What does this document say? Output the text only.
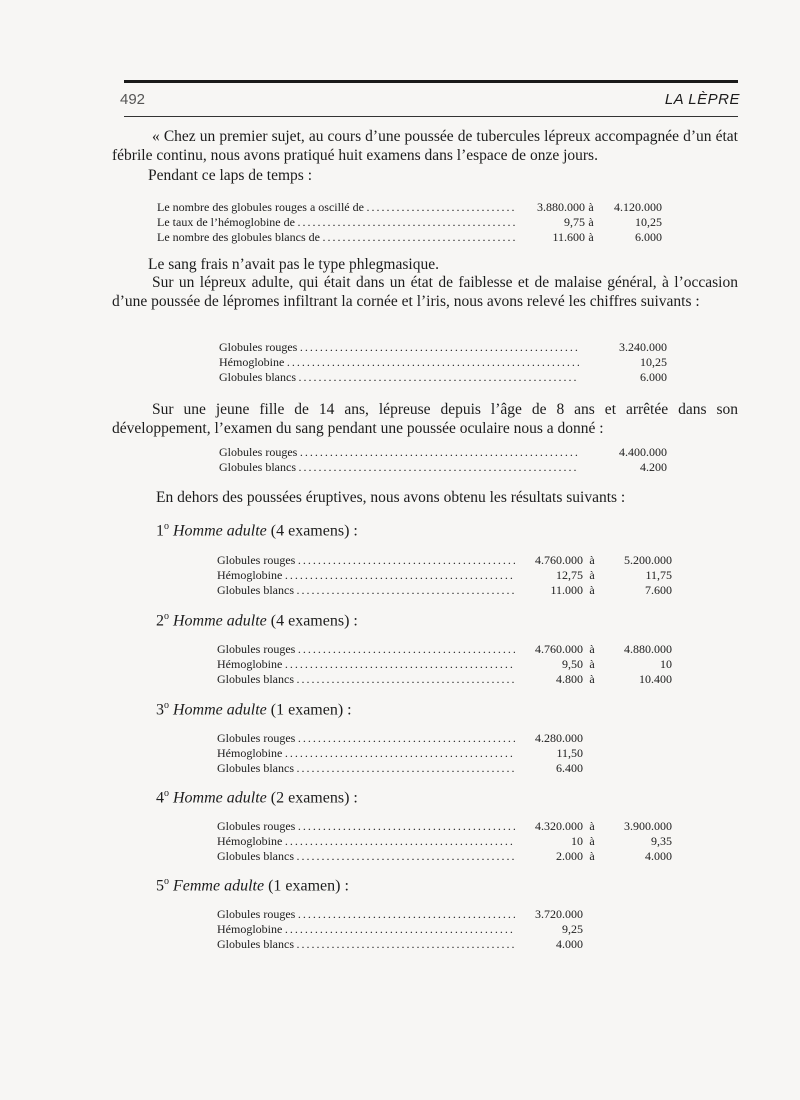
492	LA LÈPRE
« Chez un premier sujet, au cours d’une poussée de tubercules lépreux accompagnée d’un état fébrile continu, nous avons pratiqué huit examens dans l’espace de onze jours.
Pendant ce laps de temps :
Le nombre des globules rouges a oscillé de . . .	3.880.000 à	4.120.000
Le taux de l’hémoglobine de . . .	9,75 à	10,25
Le nombre des globules blancs de . . .	11.600 à	6.000
Le sang frais n’avait pas le type phlegmasique.
Sur un lépreux adulte, qui était dans un état de faiblesse et de malaise général, à l’occasion d’une poussée de lépromes infiltrant la cornée et l’iris, nous avons relevé les chiffres suivants :
Globules rouges . . .	3.240.000
Hémoglobine . . .	10,25
Globules blancs . . .	6.000
Sur une jeune fille de 14 ans, lépreuse depuis l’âge de 8 ans et arrêtée dans son développement, l’examen du sang pendant une poussée oculaire nous a donné :
Globules rouges . . .	4.400.000
Globules blancs . . .	4.200
En dehors des poussées éruptives, nous avons obtenu les résultats suivants :
1$^o$ Homme adulte (4 examens) :
Globules rouges . . .	4.760.000 à	5.200.000
Hémoglobine . . .	12,75 à	11,75
Globules blancs . . .	11.000 à	7.600
2$^o$ Homme adulte (4 examens) :
Globules rouges . . .	4.760.000 à	4.880.000
Hémoglobine . . .	9,50 à	10
Globules blancs . . .	4.800 à	10.400
3$^o$ Homme adulte (1 examen) :
Globules rouges . . .	4.280.000
Hémoglobine . . .	11,50
Globules blancs . . .	6.400
4$^o$ Homme adulte (2 examens) :
Globules rouges . . .	4.320.000 à	3.900.000
Hémoglobine . . .	10 à	9,35
Globules blancs . . .	2.000 à	4.000
5$^o$ Femme adulte (1 examen) :
Globules rouges . . .	3.720.000
Hémoglobine . . .	9,25
Globules blancs . . .	4.000
